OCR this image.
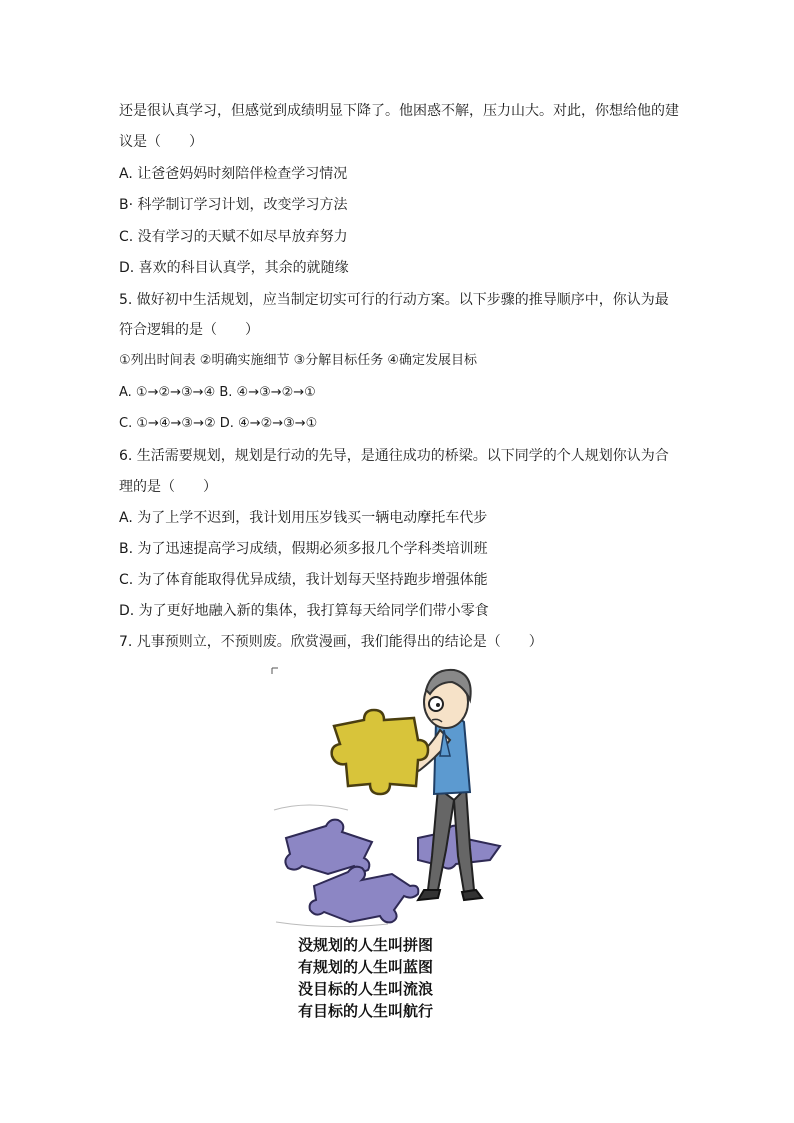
还是很认真学习，但感觉到成绩明显下降了。他困惑不解，压力山大。对此，你想给他的建
议是（　　）
A. 让爸爸妈妈时刻陪伴检查学习情况
B· 科学制订学习计划，改变学习方法
C. 没有学习的天赋不如尽早放弃努力
D. 喜欢的科目认真学，其余的就随缘
5. 做好初中生活规划，应当制定切实可行的行动方案。以下步骤的推导顺序中，你认为最
符合逻辑的是（　　）
①列出时间表 ②明确实施细节 ③分解目标任务 ④确定发展目标
A. ①→②→③→④ B. ④→③→②→①
C. ①→④→③→② D. ④→②→③→①
6. 生活需要规划，规划是行动的先导，是通往成功的桥梁。以下同学的个人规划你认为合
理的是（　　）
A. 为了上学不迟到，我计划用压岁钱买一辆电动摩托车代步
B. 为了迅速提高学习成绩，假期必须多报几个学科类培训班
C. 为了体育能取得优异成绩，我计划每天坚持跑步增强体能
D. 为了更好地融入新的集体，我打算每天给同学们带小零食
7. 凡事预则立，不预则废。欣赏漫画，我们能得出的结论是（　　）
没规划的人生叫拼图
有规划的人生叫蓝图
没目标的人生叫流浪
有目标的人生叫航行
